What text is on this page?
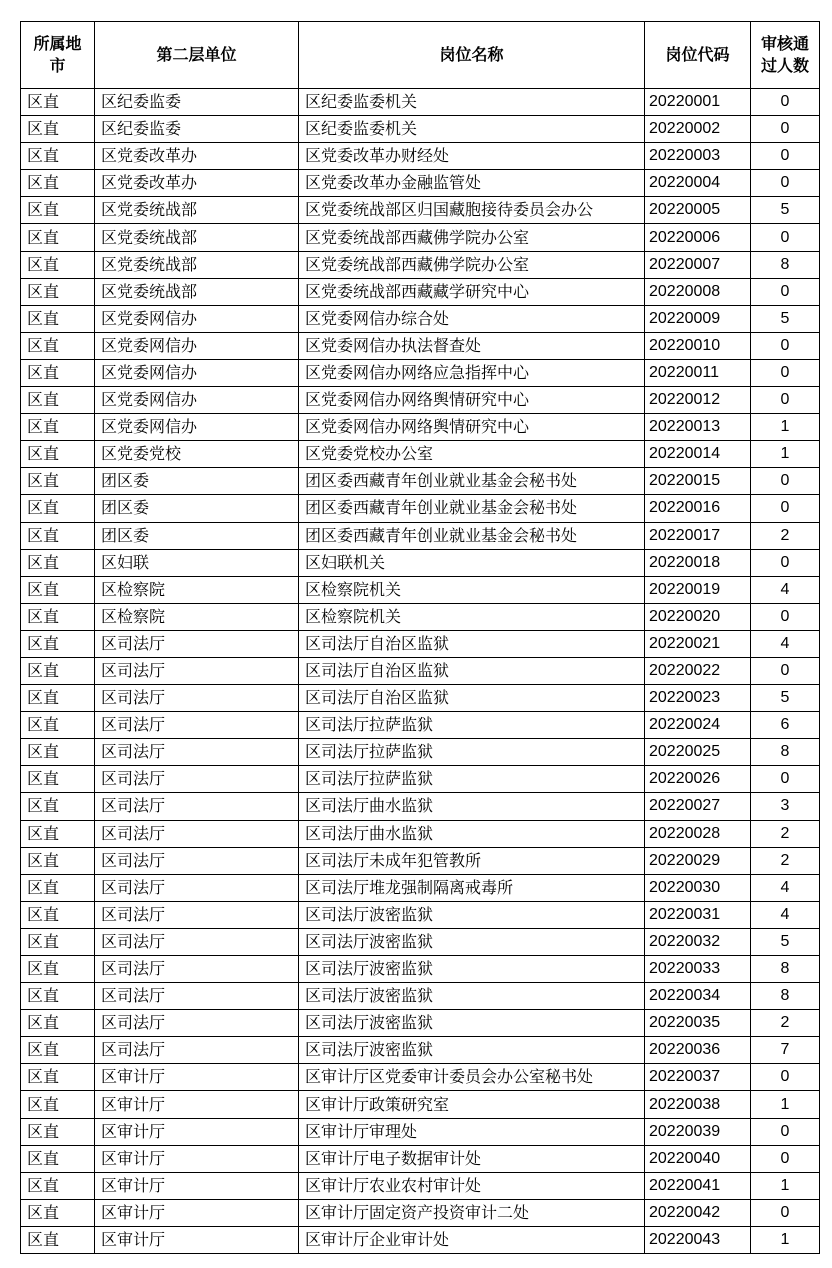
所属地市	第二层单位	岗位名称	岗位代码	审核通过人数
区直	区纪委监委	区纪委监委机关	20220001	0
区直	区纪委监委	区纪委监委机关	20220002	0
区直	区党委改革办	区党委改革办财经处	20220003	0
区直	区党委改革办	区党委改革办金融监管处	20220004	0
区直	区党委统战部	区党委统战部区归国藏胞接待委员会办公	20220005	5
区直	区党委统战部	区党委统战部西藏佛学院办公室	20220006	0
区直	区党委统战部	区党委统战部西藏佛学院办公室	20220007	8
区直	区党委统战部	区党委统战部西藏藏学研究中心	20220008	0
区直	区党委网信办	区党委网信办综合处	20220009	5
区直	区党委网信办	区党委网信办执法督查处	20220010	0
区直	区党委网信办	区党委网信办网络应急指挥中心	20220011	0
区直	区党委网信办	区党委网信办网络舆情研究中心	20220012	0
区直	区党委网信办	区党委网信办网络舆情研究中心	20220013	1
区直	区党委党校	区党委党校办公室	20220014	1
区直	团区委	团区委西藏青年创业就业基金会秘书处	20220015	0
区直	团区委	团区委西藏青年创业就业基金会秘书处	20220016	0
区直	团区委	团区委西藏青年创业就业基金会秘书处	20220017	2
区直	区妇联	区妇联机关	20220018	0
区直	区检察院	区检察院机关	20220019	4
区直	区检察院	区检察院机关	20220020	0
区直	区司法厅	区司法厅自治区监狱	20220021	4
区直	区司法厅	区司法厅自治区监狱	20220022	0
区直	区司法厅	区司法厅自治区监狱	20220023	5
区直	区司法厅	区司法厅拉萨监狱	20220024	6
区直	区司法厅	区司法厅拉萨监狱	20220025	8
区直	区司法厅	区司法厅拉萨监狱	20220026	0
区直	区司法厅	区司法厅曲水监狱	20220027	3
区直	区司法厅	区司法厅曲水监狱	20220028	2
区直	区司法厅	区司法厅未成年犯管教所	20220029	2
区直	区司法厅	区司法厅堆龙强制隔离戒毒所	20220030	4
区直	区司法厅	区司法厅波密监狱	20220031	4
区直	区司法厅	区司法厅波密监狱	20220032	5
区直	区司法厅	区司法厅波密监狱	20220033	8
区直	区司法厅	区司法厅波密监狱	20220034	8
区直	区司法厅	区司法厅波密监狱	20220035	2
区直	区司法厅	区司法厅波密监狱	20220036	7
区直	区审计厅	区审计厅区党委审计委员会办公室秘书处	20220037	0
区直	区审计厅	区审计厅政策研究室	20220038	1
区直	区审计厅	区审计厅审理处	20220039	0
区直	区审计厅	区审计厅电子数据审计处	20220040	0
区直	区审计厅	区审计厅农业农村审计处	20220041	1
区直	区审计厅	区审计厅固定资产投资审计二处	20220042	0
区直	区审计厅	区审计厅企业审计处	20220043	1
